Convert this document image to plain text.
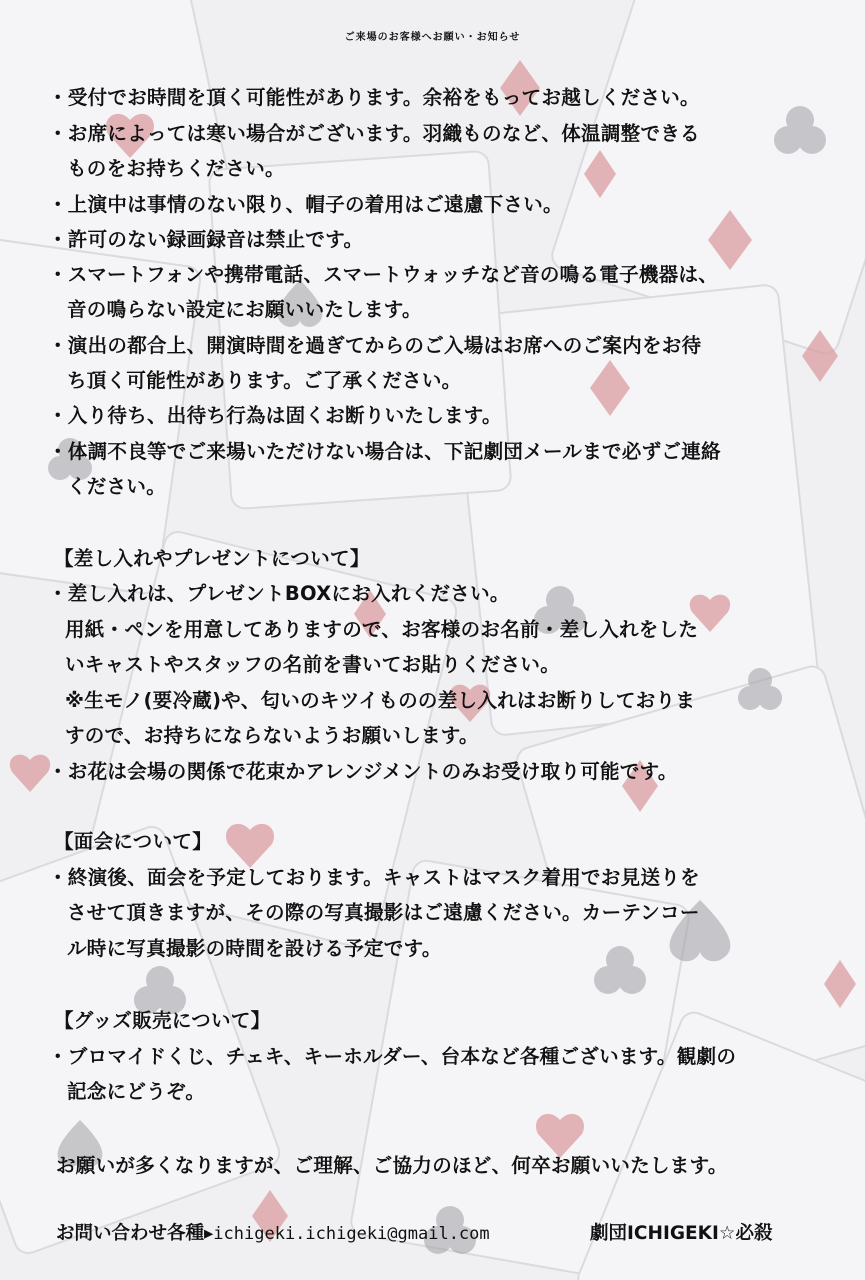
ご来場のお客様へお願い・お知らせ
・受付でお時間を頂く可能性があります。余裕をもってお越しください。
・お席によっては寒い場合がございます。羽織ものなど、体温調整できる
ものをお持ちください。
・上演中は事情のない限り、帽子の着用はご遠慮下さい。
・許可のない録画録音は禁止です。
・スマートフォンや携帯電話、スマートウォッチなど音の鳴る電子機器は、
音の鳴らない設定にお願いいたします。
・演出の都合上、開演時間を過ぎてからのご入場はお席へのご案内をお待
ち頂く可能性があります。ご了承ください。
・入り待ち、出待ち行為は固くお断りいたします。
・体調不良等でご来場いただけない場合は、下記劇団メールまで必ずご連絡
ください。
【差し入れやプレゼントについて】
・差し入れは、プレゼントBOXにお入れください。
用紙・ペンを用意してありますので、お客様のお名前・差し入れをした
いキャストやスタッフの名前を書いてお貼りください。
※生モノ(要冷蔵)や、匂いのキツイものの差し入れはお断りしておりま
すので、お持ちにならないようお願いします。
・お花は会場の関係で花束かアレンジメントのみお受け取り可能です。
【面会について】
・終演後、面会を予定しております。キャストはマスク着用でお見送りを
させて頂きますが、その際の写真撮影はご遠慮ください。カーテンコー
ル時に写真撮影の時間を設ける予定です。
【グッズ販売について】
・ブロマイドくじ、チェキ、キーホルダー、台本など各種ございます。観劇の
記念にどうぞ。
お願いが多くなりますが、ご理解、ご協力のほど、何卒お願いいたします。
お問い合わせ各種▸ichigeki.ichigeki@gmail.com	劇団ICHIGEKI☆必殺
